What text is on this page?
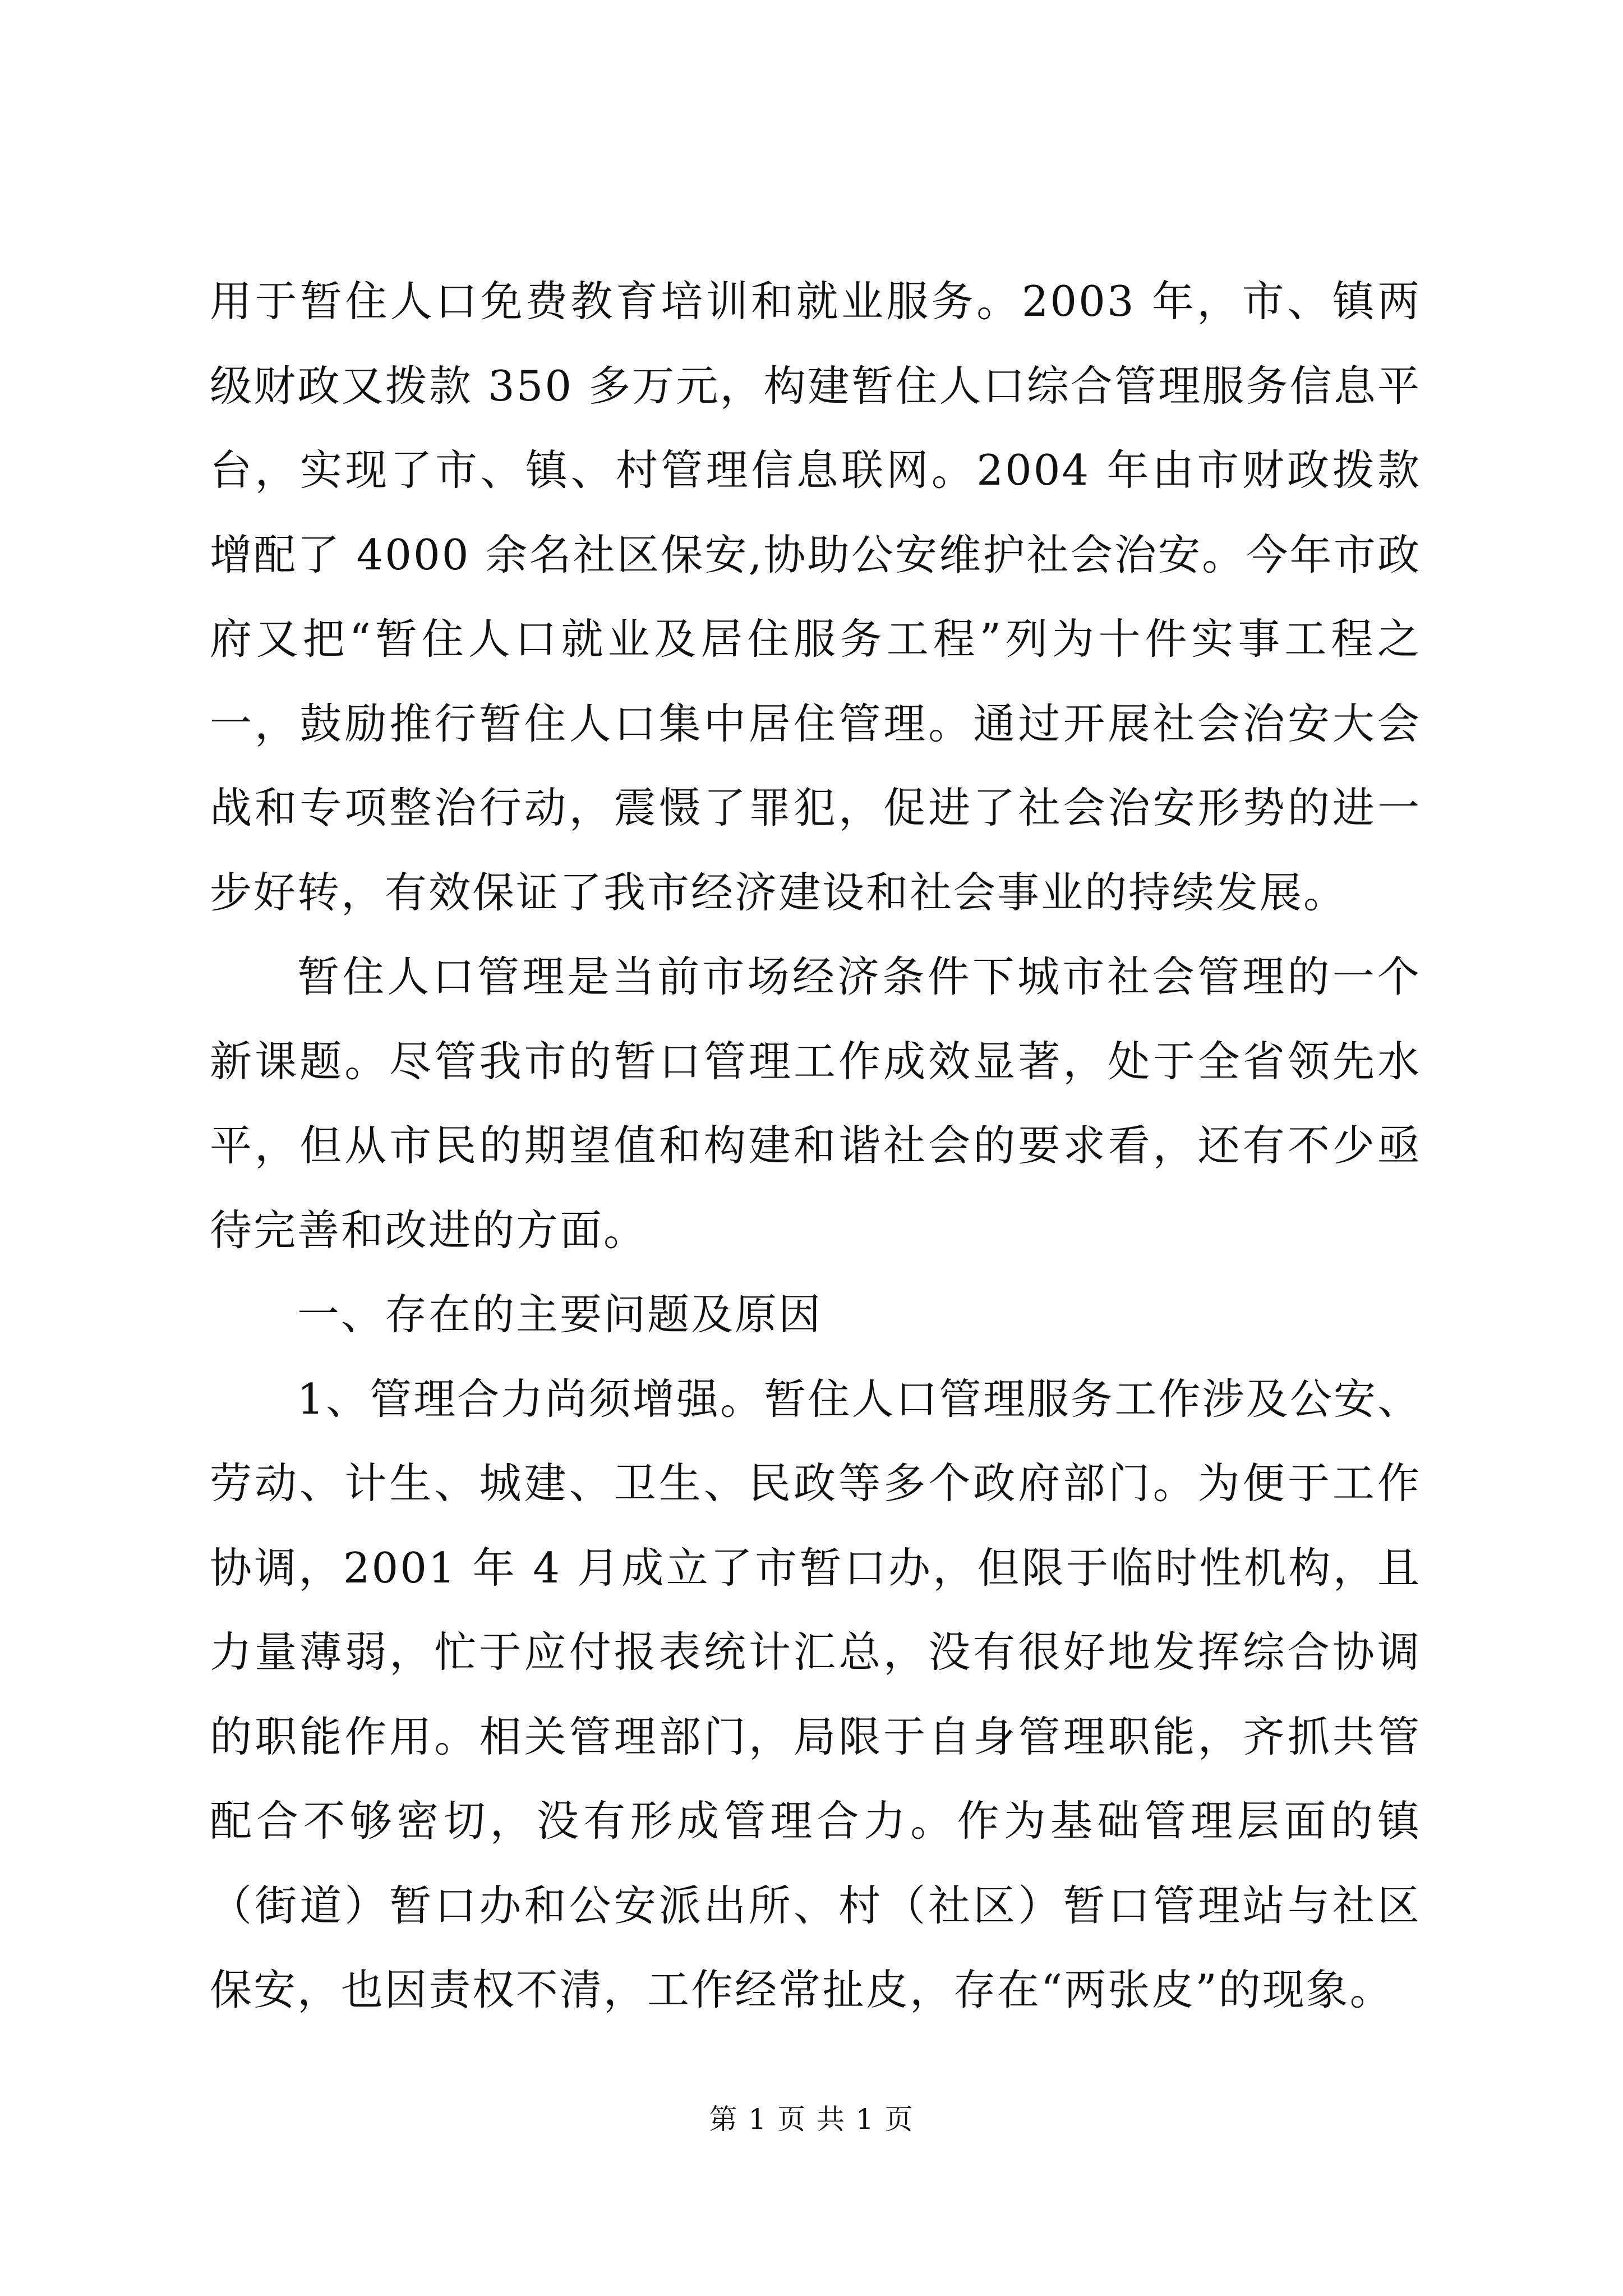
用于暂住人口免费教育培训和就业服务。2003 年，市、镇两级财政又拨款 350 多万元，构建暂住人口综合管理服务信息平台，实现了市、镇、村管理信息联网。2004 年由市财政拨款增配了 4000 余名社区保安,协助公安维护社会治安。今年市政府又把“暂住人口就业及居住服务工程”列为十件实事工程之一，鼓励推行暂住人口集中居住管理。通过开展社会治安大会战和专项整治行动，震慑了罪犯，促进了社会治安形势的进一步好转，有效保证了我市经济建设和社会事业的持续发展。

暂住人口管理是当前市场经济条件下城市社会管理的一个新课题。尽管我市的暂口管理工作成效显著，处于全省领先水平，但从市民的期望值和构建和谐社会的要求看，还有不少亟待完善和改进的方面。

一、存在的主要问题及原因

1、管理合力尚须增强。暂住人口管理服务工作涉及公安、劳动、计生、城建、卫生、民政等多个政府部门。为便于工作协调，2001 年 4 月成立了市暂口办，但限于临时性机构，且力量薄弱，忙于应付报表统计汇总，没有很好地发挥综合协调的职能作用。相关管理部门，局限于自身管理职能，齐抓共管配合不够密切，没有形成管理合力。作为基础管理层面的镇（街道）暂口办和公安派出所、村（社区）暂口管理站与社区保安，也因责权不清，工作经常扯皮，存在“两张皮”的现象。

第 1 页 共 1 页
